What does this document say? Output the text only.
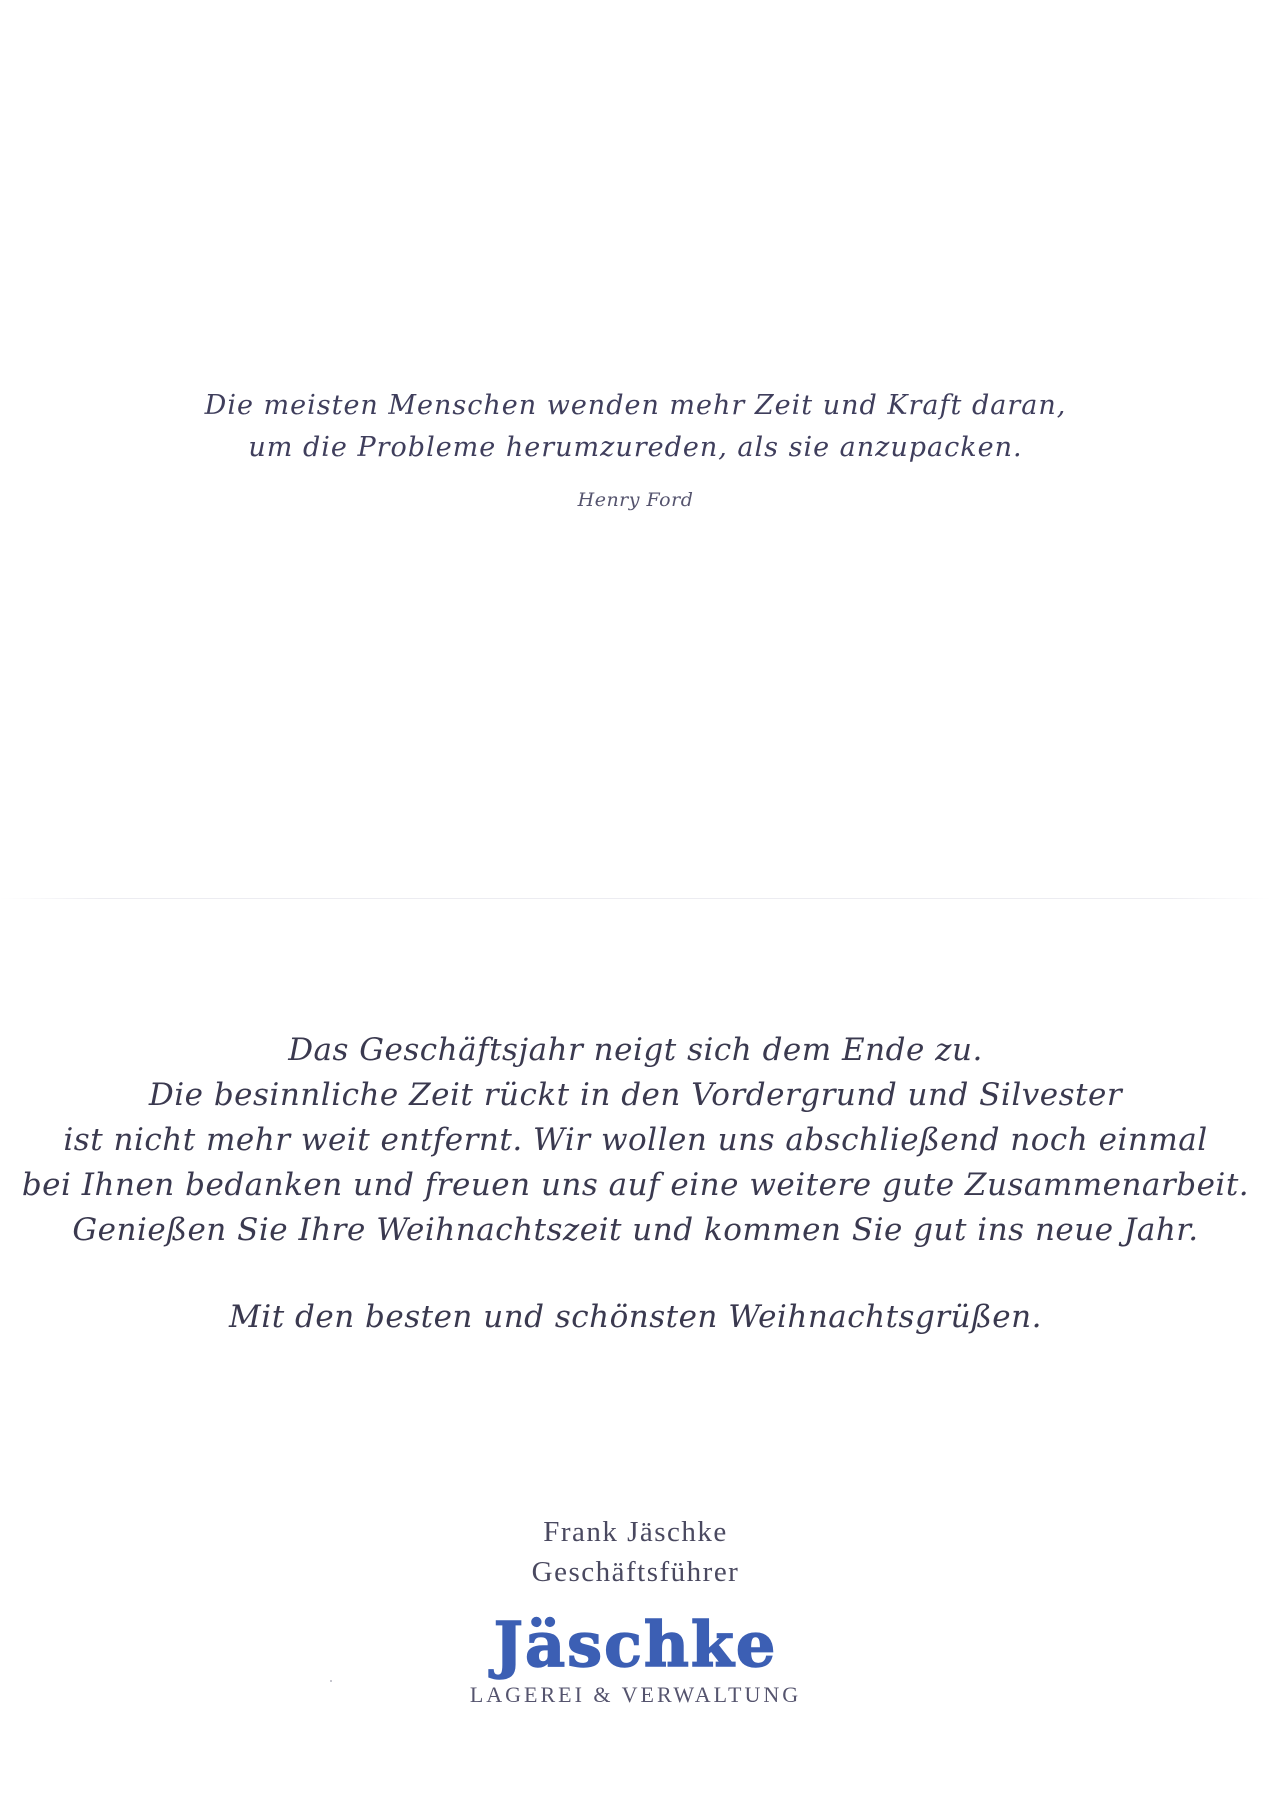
Die meisten Menschen wenden mehr Zeit und Kraft daran,
um die Probleme herumzureden, als sie anzupacken.
Henry Ford
Das Geschäftsjahr neigt sich dem Ende zu.
Die besinnliche Zeit rückt in den Vordergrund und Silvester
ist nicht mehr weit entfernt. Wir wollen uns abschließend noch einmal
bei Ihnen bedanken und freuen uns auf eine weitere gute Zusammenarbeit.
Genießen Sie Ihre Weihnachtszeit und kommen Sie gut ins neue Jahr.
Mit den besten und schönsten Weihnachtsgrüßen.
Frank Jäschke
Geschäftsführer
Jäschke
LAGEREI & VERWALTUNG
